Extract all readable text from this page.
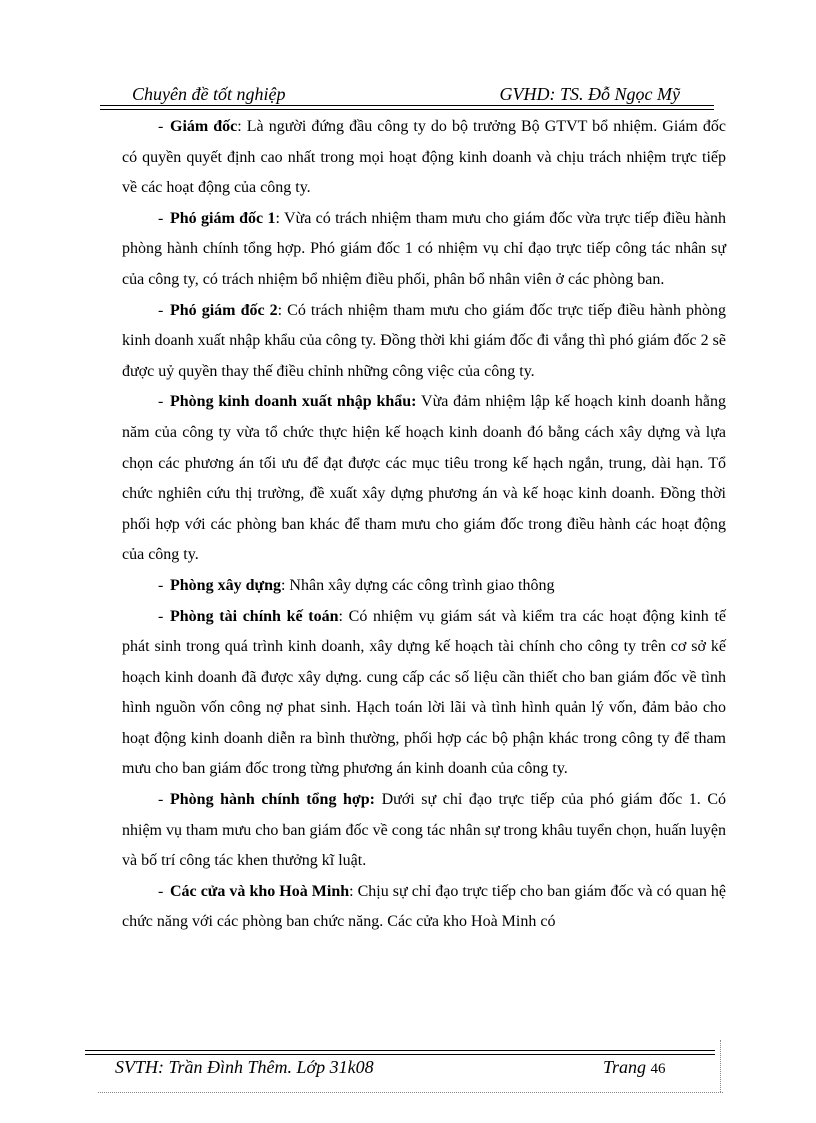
Chuyên đề tốt nghiệp	GVHD: TS. Đỗ Ngọc Mỹ

- Giám đốc: Là người đứng đầu công ty do bộ trưởng Bộ GTVT bổ nhiệm. Giám đốc có quyền quyết định cao nhất trong mọi hoạt động kinh doanh và chịu trách nhiệm trực tiếp về các hoạt động của công ty.

- Phó giám đốc 1: Vừa có trách nhiệm tham mưu cho giám đốc vừa trực tiếp điều hành phòng hành chính tổng hợp. Phó giám đốc 1 có nhiệm vụ chỉ đạo trực tiếp công tác nhân sự của công ty, có trách nhiệm bổ nhiệm điều phối, phân bổ nhân viên ở các phòng ban.

- Phó giám đốc 2: Có trách nhiệm tham mưu cho giám đốc trực tiếp điều hành phòng kinh doanh xuất nhập khẩu của công ty. Đồng thời khi giám đốc đi vắng thì phó giám đốc 2 sẽ được uỷ quyền thay thế điều chỉnh những công việc của công ty.

- Phòng kinh doanh xuất nhập khẩu: Vừa đảm nhiệm lập kế hoạch kinh doanh hằng năm của công ty vừa tổ chức thực hiện kế hoạch kinh doanh đó bằng cách xây dựng và lựa chọn các phương án tối ưu để đạt được các mục tiêu trong kế hạch ngắn, trung, dài hạn. Tổ chức nghiên cứu thị trường, đề xuất xây dựng phương án và kế hoạc kinh doanh. Đồng thời phối hợp với các phòng ban khác để tham mưu cho giám đốc trong điều hành các hoạt động của công ty.

- Phòng xây dựng: Nhân xây dựng các công trình giao thông

- Phòng tài chính kế toán: Có nhiệm vụ giám sát và kiểm tra các hoạt động kinh tế phát sinh trong quá trình kinh doanh, xây dựng kế hoạch tài chính cho công ty trên cơ sở kế hoạch kinh doanh đã được xây dựng. cung cấp các số liệu cần thiết cho ban giám đốc về tình hình nguồn vốn công nợ phat sinh. Hạch toán lời lãi và tình hình quản lý vốn, đảm bảo cho hoạt động kinh doanh diễn ra bình thường, phối hợp các bộ phận khác trong công ty để tham mưu cho ban giám đốc trong từng phương án kinh doanh của công ty.

- Phòng hành chính tổng hợp: Dưới sự chỉ đạo trực tiếp của phó giám đốc 1. Có nhiệm vụ tham mưu cho ban giám đốc về cong tác nhân sự trong khâu tuyển chọn, huấn luyện và bố trí công tác khen thưởng kĩ luật.

- Các cửa và kho Hoà Minh: Chịu sự chỉ đạo trực tiếp cho ban giám đốc và có quan hệ chức năng với các phòng ban chức năng. Các cửa kho Hoà Minh có

SVTH: Trần Đình Thêm. Lớp 31k08	Trang 46
